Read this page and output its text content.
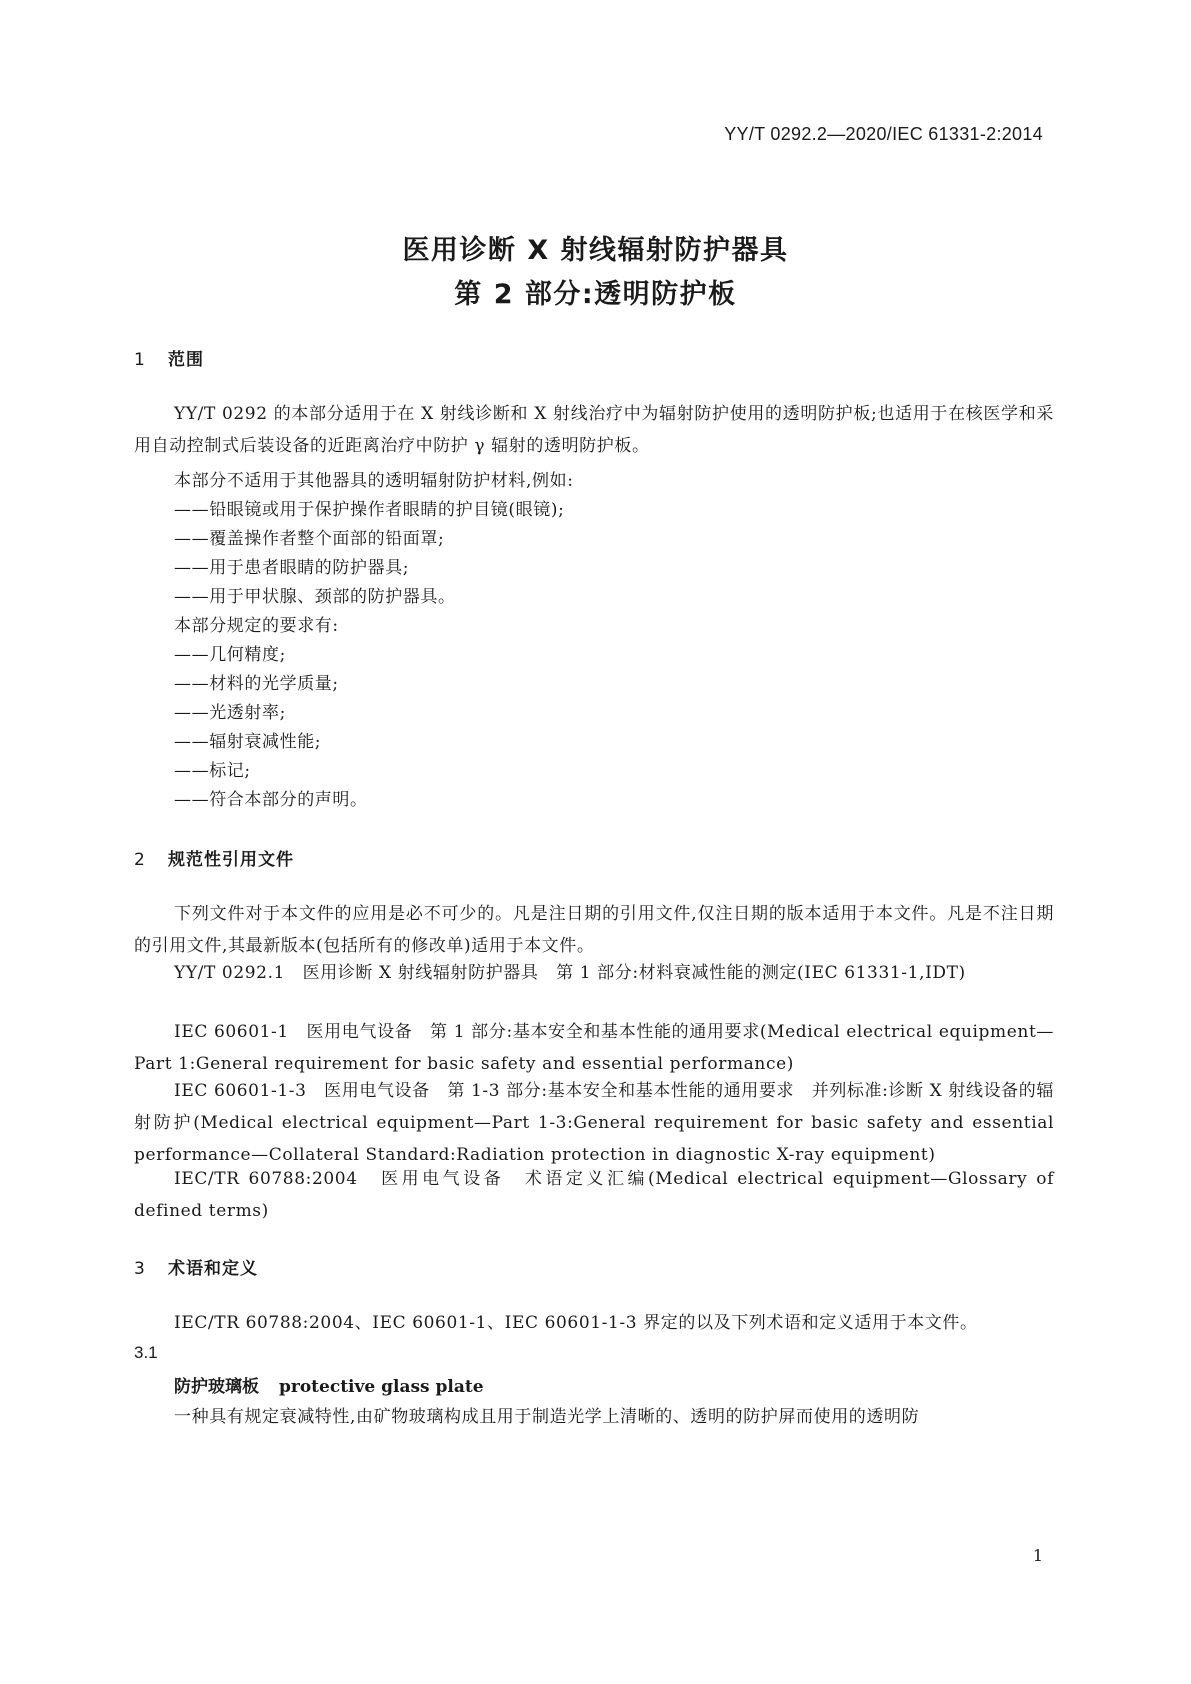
YY/T 0292.2—2020/IEC 61331-2:2014
医用诊断 X 射线辐射防护器具
第 2 部分:透明防护板
1 范围
YY/T 0292 的本部分适用于在 X 射线诊断和 X 射线治疗中为辐射防护使用的透明防护板;也适用于在核医学和采用自动控制式后装设备的近距离治疗中防护 γ 辐射的透明防护板。
本部分不适用于其他器具的透明辐射防护材料,例如:
——铅眼镜或用于保护操作者眼睛的护目镜(眼镜);
——覆盖操作者整个面部的铅面罩;
——用于患者眼睛的防护器具;
——用于甲状腺、颈部的防护器具。
本部分规定的要求有:
——几何精度;
——材料的光学质量;
——光透射率;
——辐射衰减性能;
——标记;
——符合本部分的声明。
2 规范性引用文件
下列文件对于本文件的应用是必不可少的。凡是注日期的引用文件,仅注日期的版本适用于本文件。凡是不注日期的引用文件,其最新版本(包括所有的修改单)适用于本文件。
YY/T 0292.1　医用诊断 X 射线辐射防护器具　第 1 部分:材料衰减性能的测定(IEC 61331-1,IDT)
IEC 60601-1　医用电气设备　第 1 部分:基本安全和基本性能的通用要求(Medical electrical equipment—Part 1:General requirement for basic safety and essential performance)
IEC 60601-1-3　医用电气设备　第 1-3 部分:基本安全和基本性能的通用要求　并列标准:诊断 X 射线设备的辐射防护(Medical electrical equipment—Part 1-3:General requirement for basic safety and essential performance—Collateral Standard:Radiation protection in diagnostic X-ray equipment)
IEC/TR 60788:2004　医用电气设备　术语定义汇编(Medical electrical equipment—Glossary of defined terms)
3 术语和定义
IEC/TR 60788:2004、IEC 60601-1、IEC 60601-1-3 界定的以及下列术语和定义适用于本文件。
3.1
防护玻璃板 protective glass plate
一种具有规定衰减特性,由矿物玻璃构成且用于制造光学上清晰的、透明的防护屏而使用的透明防
1
